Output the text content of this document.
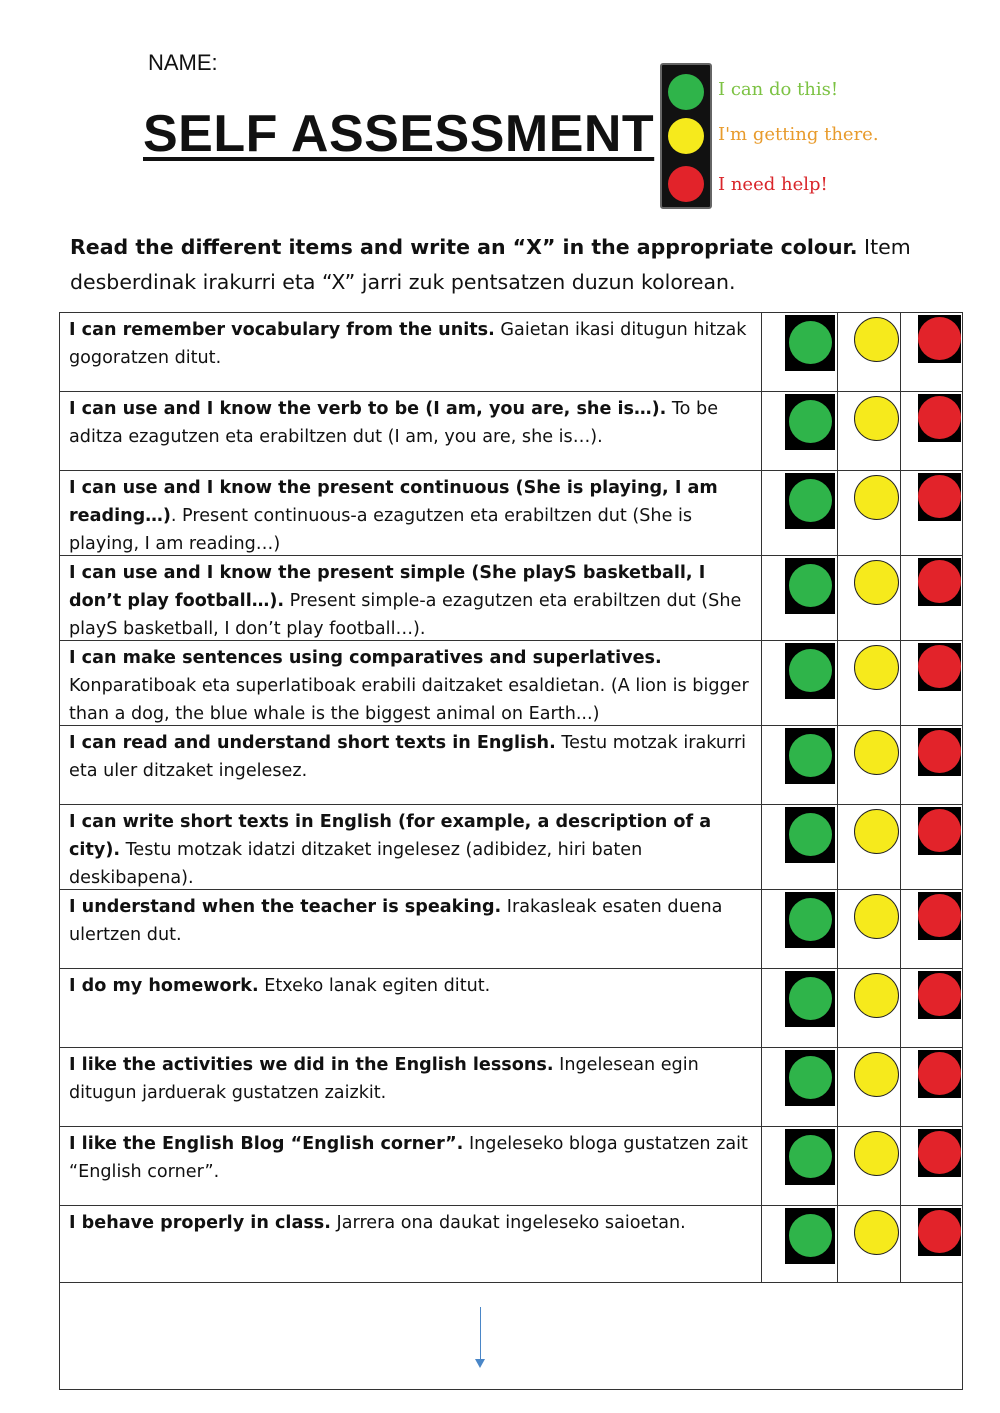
NAME:
SELF ASSESSMENT
I can do this!
I'm getting there.
I need help!
Read the different items and write an “X” in the appropriate colour. Item desberdinak irakurri eta “X” jarri zuk pentsatzen duzun kolorean.
I behave properly in class. Jarrera ona daukat ingeleseko saioetan.
I like the English Blog “English corner”. Ingeleseko bloga gustatzen zait “English corner”.
I like the activities we did in the English lessons. Ingelesean egin ditugun jarduerak gustatzen zaizkit.
I do my homework. Etxeko lanak egiten ditut.
I understand when the teacher is speaking. Irakasleak esaten duena ulertzen dut.
I can write short texts in English (for example, a description of a city). Testu motzak idatzi ditzaket ingelesez (adibidez, hiri baten deskibapena).
I can read and understand short texts in English. Testu motzak irakurri eta uler ditzaket ingelesez.
I can make sentences using comparatives and superlatives. Konparatiboak eta superlatiboak erabili daitzaket esaldietan. (A lion is bigger than a dog, the blue whale is the biggest animal on Earth...)
I can use and I know the present simple (She playS basketball, I don’t play football…). Present simple-a ezagutzen eta erabiltzen dut (She playS basketball, I don’t play football…).
I can use and I know the present continuous (She is playing, I am reading…). Present continuous-a ezagutzen eta erabiltzen dut (She is playing, I am reading…)
I can use and I know the verb to be (I am, you are, she is…). To be aditza ezagutzen eta erabiltzen dut (I am, you are, she is…).
I can remember vocabulary from the units. Gaietan ikasi ditugun hitzak gogoratzen ditut.
